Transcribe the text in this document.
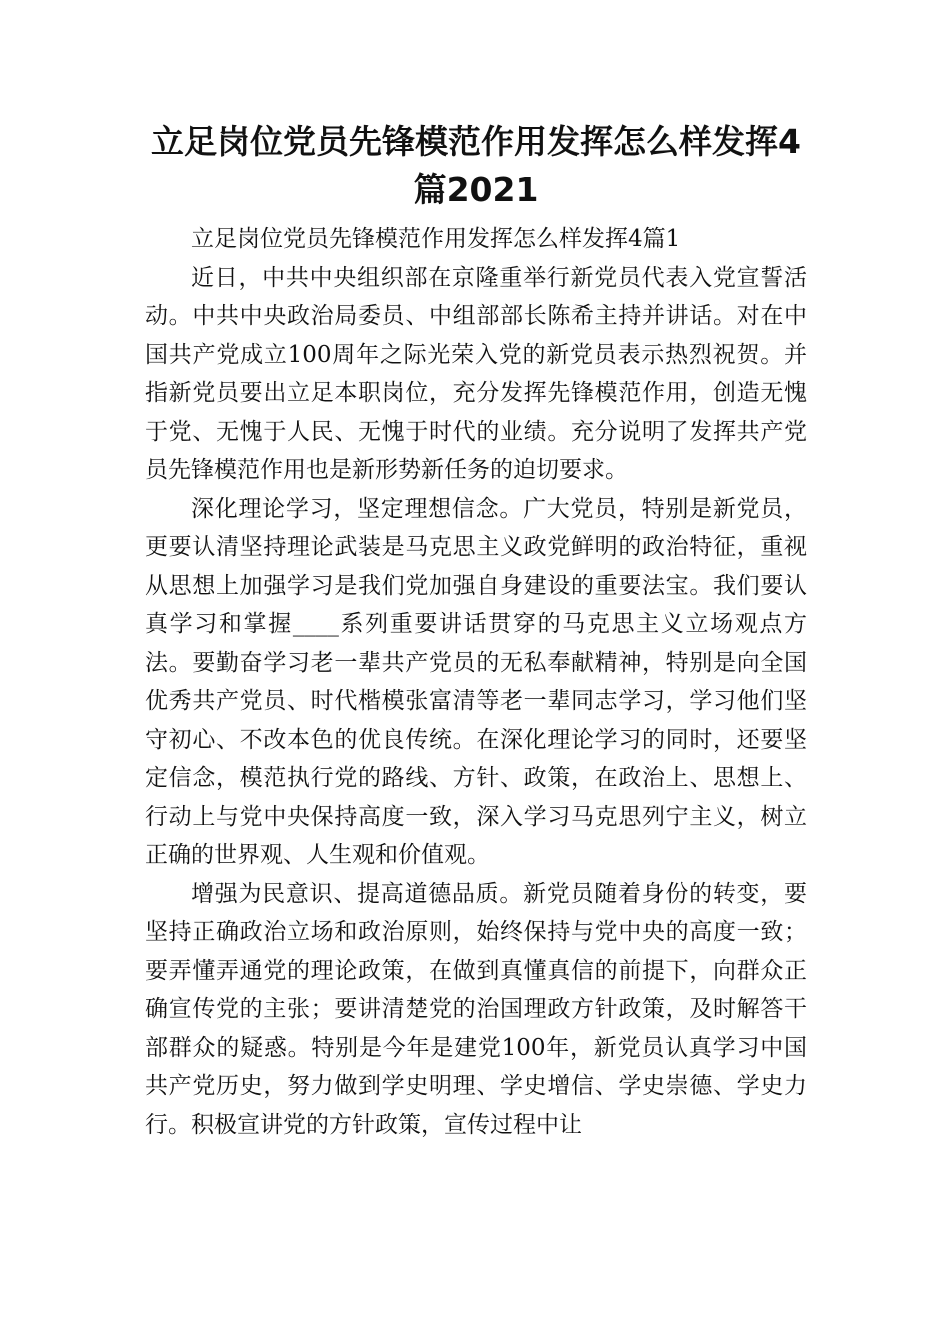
立足岗位党员先锋模范作用发挥怎么样发挥4篇2021

立足岗位党员先锋模范作用发挥怎么样发挥4篇1

近日，中共中央组织部在京隆重举行新党员代表入党宣誓活动。中共中央政治局委员、中组部部长陈希主持并讲话。对在中国共产党成立100周年之际光荣入党的新党员表示热烈祝贺。并指新党员要出立足本职岗位，充分发挥先锋模范作用，创造无愧于党、无愧于人民、无愧于时代的业绩。充分说明了发挥共产党员先锋模范作用也是新形势新任务的迫切要求。

深化理论学习，坚定理想信念。广大党员，特别是新党员，更要认清坚持理论武装是马克思主义政党鲜明的政治特征，重视从思想上加强学习是我们党加强自身建设的重要法宝。我们要认真学习和掌握____系列重要讲话贯穿的马克思主义立场观点方法。要勤奋学习老一辈共产党员的无私奉献精神，特别是向全国优秀共产党员、时代楷模张富清等老一辈同志学习，学习他们坚守初心、不改本色的优良传统。在深化理论学习的同时，还要坚定信念，模范执行党的路线、方针、政策，在政治上、思想上、行动上与党中央保持高度一致，深入学习马克思列宁主义，树立正确的世界观、人生观和价值观。

增强为民意识、提高道德品质。新党员随着身份的转变，要坚持正确政治立场和政治原则，始终保持与党中央的高度一致；要弄懂弄通党的理论政策，在做到真懂真信的前提下，向群众正确宣传党的主张；要讲清楚党的治国理政方针政策，及时解答干部群众的疑惑。特别是今年是建党100年，新党员认真学习中国共产党历史，努力做到学史明理、学史增信、学史崇德、学史力行。积极宣讲党的方针政策，宣传过程中让
